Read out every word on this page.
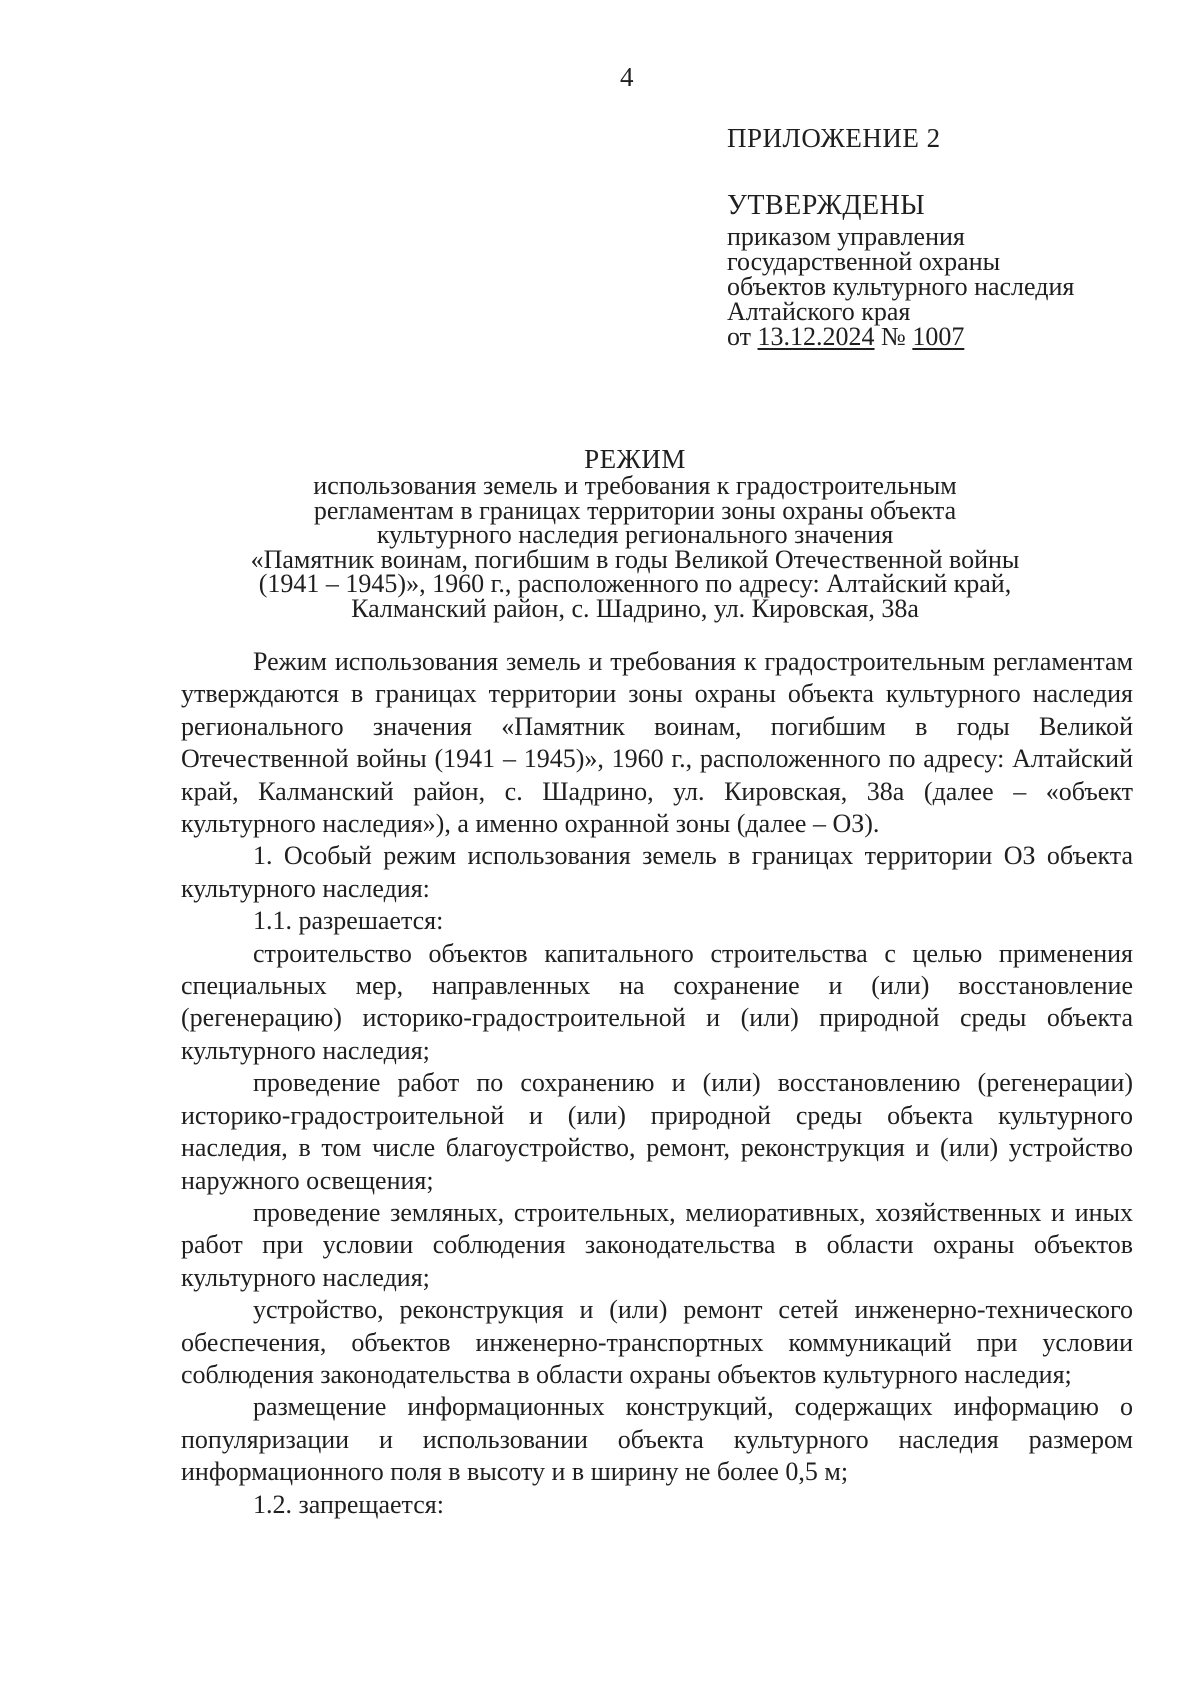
4
ПРИЛОЖЕНИЕ 2
УТВЕРЖДЕНЫ
приказом управления
государственной охраны
объектов культурного наследия
Алтайского края
от 13.12.2024 № 1007
РЕЖИМ
использования земель и требования к градостроительным
регламентам в границах территории зоны охраны объекта
культурного наследия регионального значения
«Памятник воинам, погибшим в годы Великой Отечественной войны
(1941 – 1945)», 1960 г., расположенного по адресу: Алтайский край,
Калманский район, с. Шадрино, ул. Кировская, 38а

Режим использования земель и требования к градостроительным регламентам утверждаются в границах территории зоны охраны объекта культурного наследия регионального значения «Памятник воинам, погибшим в годы Великой Отечественной войны (1941 – 1945)», 1960 г., расположенного по адресу: Алтайский край, Калманский район, с. Шадрино, ул. Кировская, 38а (далее – «объект культурного наследия»), а именно охранной зоны (далее – ОЗ).

1. Особый режим использования земель в границах территории ОЗ объекта культурного наследия:

1.1. разрешается:

строительство объектов капитального строительства с целью применения специальных мер, направленных на сохранение и (или) восстановление (регенерацию) историко-градостроительной и (или) природной среды объекта культурного наследия;

проведение работ по сохранению и (или) восстановлению (регенерации) историко-градостроительной и (или) природной среды объекта культурного наследия, в том числе благоустройство, ремонт, реконструкция и (или) устройство наружного освещения;

проведение земляных, строительных, мелиоративных, хозяйственных и иных работ при условии соблюдения законодательства в области охраны объектов культурного наследия;

устройство, реконструкция и (или) ремонт сетей инженерно-технического обеспечения, объектов инженерно-транспортных коммуникаций при условии соблюдения законодательства в области охраны объектов культурного наследия;

размещение информационных конструкций, содержащих информацию о популяризации и использовании объекта культурного наследия размером информационного поля в высоту и в ширину не более 0,5 м;

1.2. запрещается:
